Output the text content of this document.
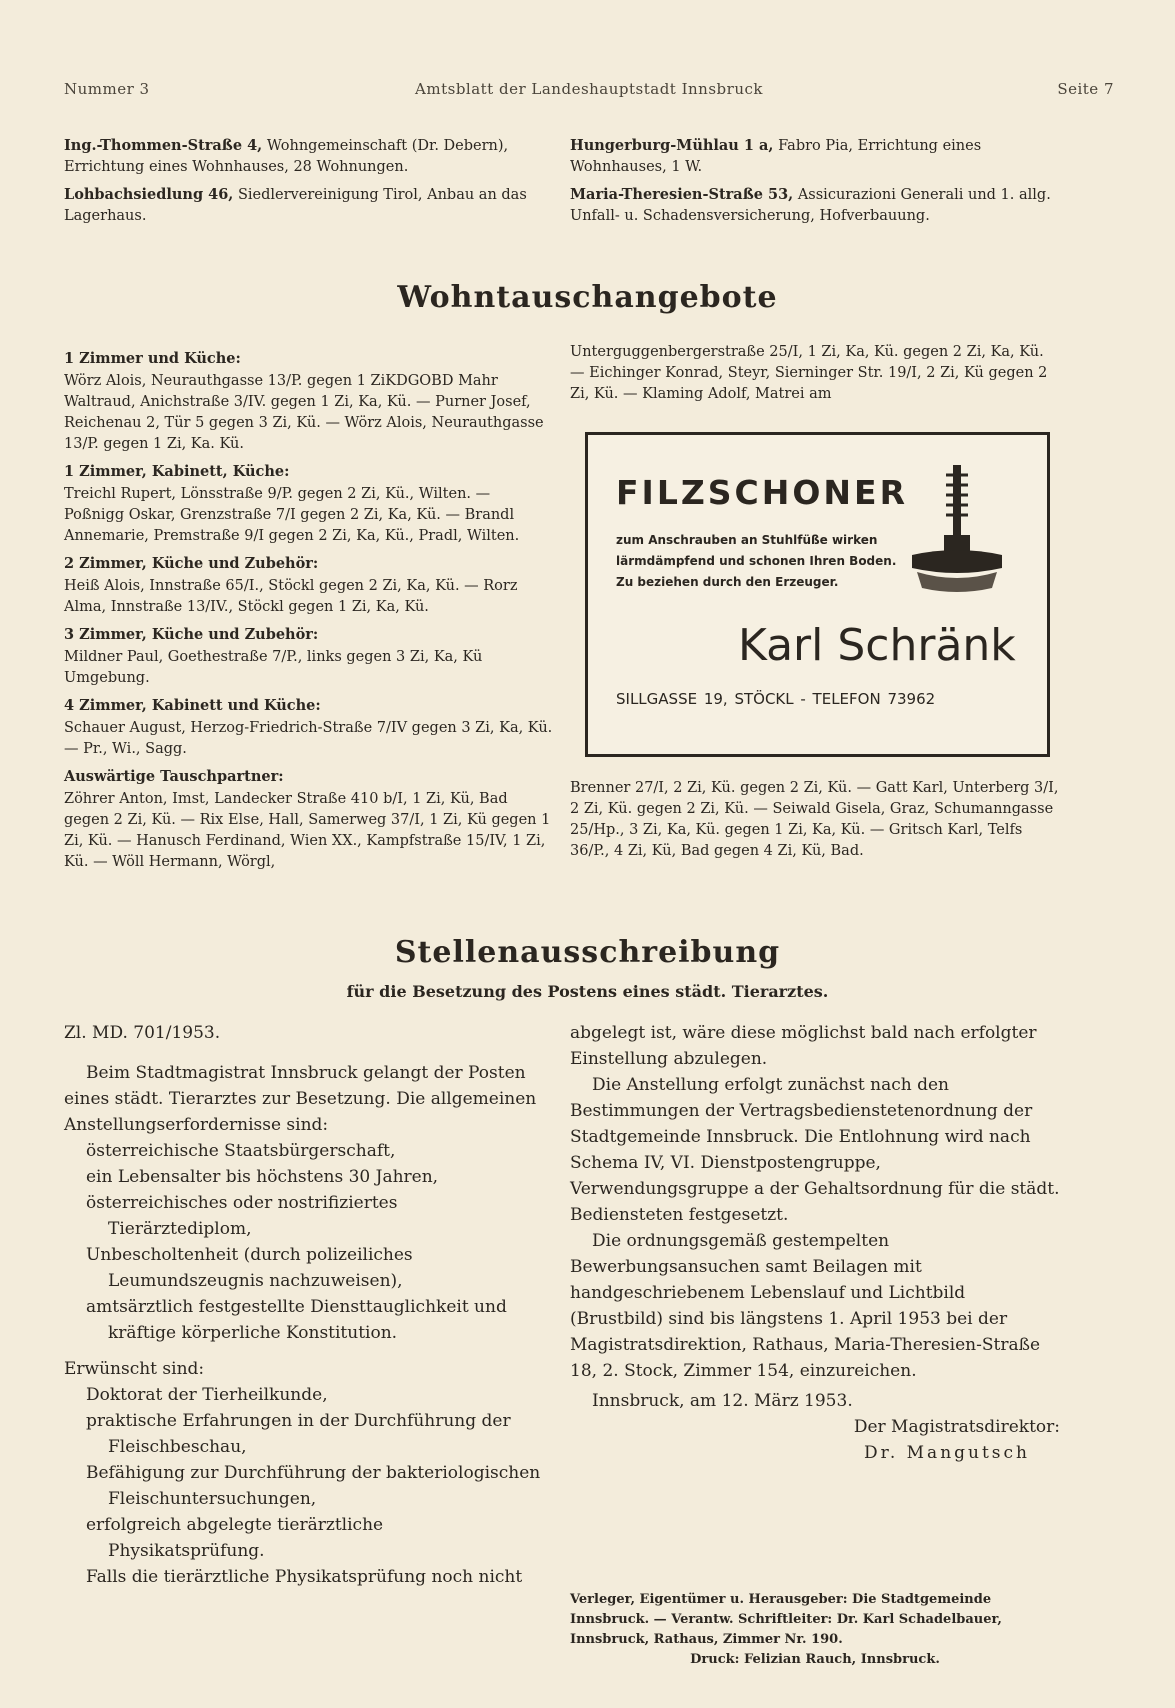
Nummer 3	Amtsblatt der Landeshauptstadt Innsbruck	Seite 7

Ing.-Thommen-Straße 4, Wohngemeinschaft (Dr. Debern), Errichtung eines Wohnhauses, 28 Wohnungen.

Lohbachsiedlung 46, Siedlervereinigung Tirol, Anbau an das Lagerhaus.

Hungerburg-Mühlau 1 a, Fabro Pia, Errichtung eines Wohnhauses, 1 W.

Maria-Theresien-Straße 53, Assicurazioni Generali und 1. allg. Unfall- u. Schadensversicherung, Hofverbauung.

Wohntauschangebote
1 Zimmer und Küche:

Wörz Alois, Neurauthgasse 13/P. gegen 1 ZiKDGOBD Mahr Waltraud, Anichstraße 3/IV. gegen 1 Zi, Ka, Kü. — Purner Josef, Reichenau 2, Tür 5 gegen 3 Zi, Kü. — Wörz Alois, Neurauthgasse 13/P. gegen 1 Zi, Ka. Kü.

1 Zimmer, Kabinett, Küche:

Treichl Rupert, Lönsstraße 9/P. gegen 2 Zi, Kü., Wilten. — Poßnigg Oskar, Grenzstraße 7/I gegen 2 Zi, Ka, Kü. — Brandl Annemarie, Premstraße 9/I gegen 2 Zi, Ka, Kü., Pradl, Wilten.

2 Zimmer, Küche und Zubehör:

Heiß Alois, Innstraße 65/I., Stöckl gegen 2 Zi, Ka, Kü. — Rorz Alma, Innstraße 13/IV., Stöckl gegen 1 Zi, Ka, Kü.

3 Zimmer, Küche und Zubehör:

Mildner Paul, Goethestraße 7/P., links gegen 3 Zi, Ka, Kü Umgebung.

4 Zimmer, Kabinett und Küche:

Schauer August, Herzog-Friedrich-Straße 7/IV gegen 3 Zi, Ka, Kü. — Pr., Wi., Sagg.

Auswärtige Tauschpartner:

Zöhrer Anton, Imst, Landecker Straße 410 b/I, 1 Zi, Kü, Bad gegen 2 Zi, Kü. — Rix Else, Hall, Samerweg 37/I, 1 Zi, Kü gegen 1 Zi, Kü. — Hanusch Ferdinand, Wien XX., Kampfstraße 15/IV, 1 Zi, Kü. — Wöll Hermann, Wörgl,

Unterguggenbergerstraße 25/I, 1 Zi, Ka, Kü. gegen 2 Zi, Ka, Kü. — Eichinger Konrad, Steyr, Sierninger Str. 19/I, 2 Zi, Kü gegen 2 Zi, Kü. — Klaming Adolf, Matrei am

FILZSCHONER
zum Anschrauben an Stuhlfüße wirken
lärmdämpfend und schonen Ihren Boden.
Zu beziehen durch den Erzeuger.
Karl Schränk
SILLGASSE 19, STÖCKL - TELEFON 73962

Brenner 27/I, 2 Zi, Kü. gegen 2 Zi, Kü. — Gatt Karl, Unterberg 3/I, 2 Zi, Kü. gegen 2 Zi, Kü. — Seiwald Gisela, Graz, Schumanngasse 25/Hp., 3 Zi, Ka, Kü. gegen 1 Zi, Ka, Kü. — Gritsch Karl, Telfs 36/P., 4 Zi, Kü, Bad gegen 4 Zi, Kü, Bad.

Stellenausschreibung
für die Besetzung des Postens eines städt. Tierarztes.

Zl. MD. 701/1953.

Beim Stadtmagistrat Innsbruck gelangt der Posten eines städt. Tierarztes zur Besetzung. Die allgemeinen Anstellungserfordernisse sind:

österreichische Staatsbürgerschaft,

ein Lebensalter bis höchstens 30 Jahren,

österreichisches oder nostrifiziertes Tierärztediplom,

Unbescholtenheit (durch polizeiliches Leumundszeugnis nachzuweisen),

amtsärztlich festgestellte Diensttauglichkeit und kräftige körperliche Konstitution.

Erwünscht sind:

Doktorat der Tierheilkunde,

praktische Erfahrungen in der Durchführung der Fleischbeschau,

Befähigung zur Durchführung der bakteriologischen Fleischuntersuchungen,

erfolgreich abgelegte tierärztliche Physikatsprüfung.

Falls die tierärztliche Physikatsprüfung noch nicht

abgelegt ist, wäre diese möglichst bald nach erfolgter Einstellung abzulegen.

Die Anstellung erfolgt zunächst nach den Bestimmungen der Vertragsbedienstetenordnung der Stadtgemeinde Innsbruck. Die Entlohnung wird nach Schema IV, VI. Dienstpostengruppe, Verwendungsgruppe a der Gehaltsordnung für die städt. Bediensteten festgesetzt.

Die ordnungsgemäß gestempelten Bewerbungsansuchen samt Beilagen mit handgeschriebenem Lebenslauf und Lichtbild (Brustbild) sind bis längstens 1. April 1953 bei der Magistratsdirektion, Rathaus, Maria-Theresien-Straße 18, 2. Stock, Zimmer 154, einzureichen.

Innsbruck, am 12. März 1953.

Der Magistratsdirektor:

Dr. Mangutsch

Verleger, Eigentümer u. Herausgeber: Die Stadtgemeinde Innsbruck. — Verantw. Schriftleiter: Dr. Karl Schadelbauer, Innsbruck, Rathaus, Zimmer Nr. 190.
Druck: Felizian Rauch, Innsbruck.
